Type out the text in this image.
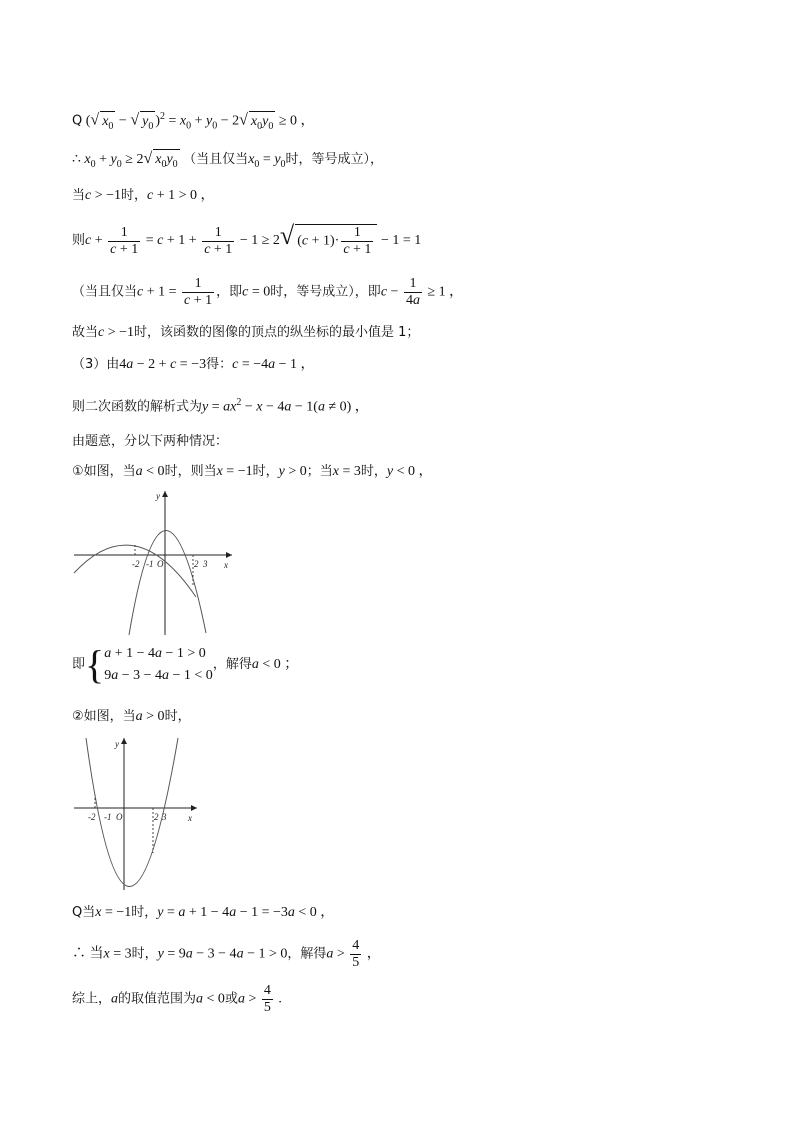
Q (√ $x_0$ − √ $y_0$ )$^2 = x_0 + y_0 - 2√$ $x_0y_0 \ge 0$ ，
∴ $x_0 + y_0 \ge 2√$ $x_0y_0$ （当且仅当$x_0 = y_0$时，等号成立），
当c > −1时，c + 1 > 0 ，
则$c + \frac{1}{c + 1} = c + 1 + \frac{1}{c + 1} - 1 \ge 2√$ $(c + 1)\cdot \frac{1}{c + 1} - 1 = 1$
（当且仅当$c + 1 = \frac{1}{c + 1}$ ，即c = 0时，等号成立），即$c - \frac{1}{4a} \ge 1$ ，
故当c > −1时，该函数的图像的顶点的纵坐标的最小值是 1；
（3）由4a − 2 + c = −3得：c = −4a − 1 ，
则二次函数的解析式为$y = ax^2 - x - 4a - 1(a \ne 0)$ ，
由题意，分以下两种情况：
①如图，当a < 0时，则当x = −1时，y > 0；当x = 3时，y < 0 ，
y
x
-2 -1 O	2 3
即{ a + 1 − 4a − 1 > 0
9a − 3 − 4a − 1 < 0
，解得a < 0 ；
②如图，当a > 0时，
y
x
-2 -1 O	2 3
Q当x = −1时，y = a + 1 − 4a − 1 = −3a < 0 ，
∴ 当x = 3时，y = 9a − 3 − 4a − 1 > 0，解得$a > \frac{4}{5}$ ，
综上，a的取值范围为a < 0或$a > \frac{4}{5}$ .
